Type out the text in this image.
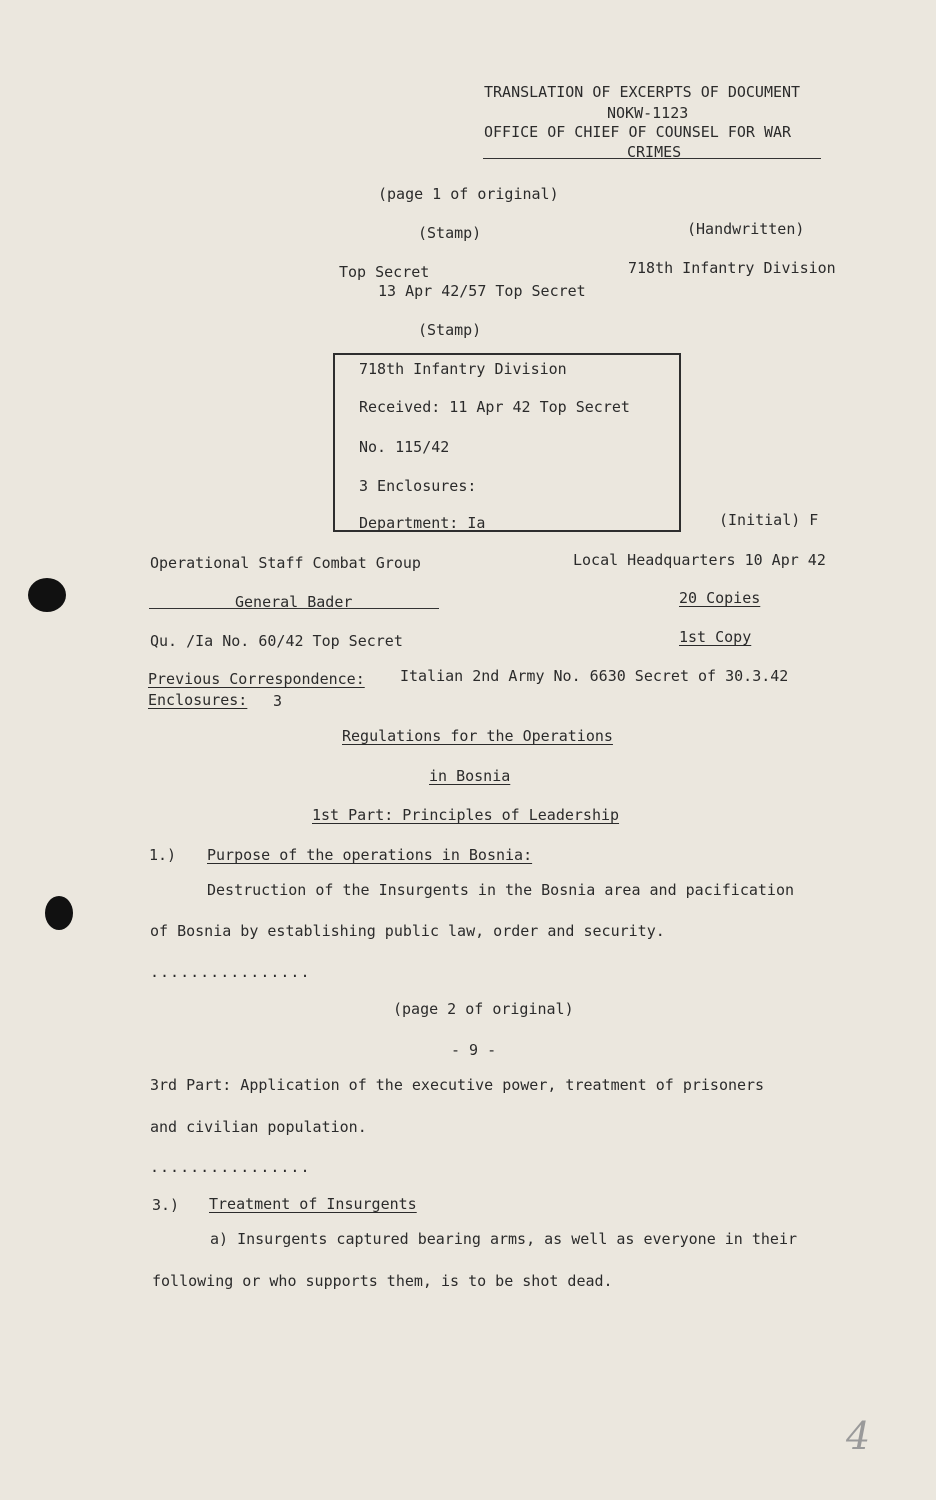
TRANSLATION OF EXCERPTS OF DOCUMENT
NOKW-1123
OFFICE OF CHIEF OF COUNSEL FOR WAR
CRIMES
(page 1 of original)
(Stamp)	(Handwritten)
Top Secret	718th Infantry Division
13 Apr 42/57 Top Secret
(Stamp)
718th Infantry Division
Received: 11 Apr 42 Top Secret
No. 115/42
3 Enclosures:
Department: Ia	(Initial) F
Operational Staff Combat Group	Local Headquarters 10 Apr 42
General Bader	20 Copies
Qu. /Ia No. 60/42 Top Secret	1st Copy
Previous Correspondence: Italian 2nd Army No. 6630 Secret of 30.3.42
Enclosures: 3
Regulations for the Operations
in Bosnia
1st Part: Principles of Leadership
1.) Purpose of the operations in Bosnia:
Destruction of the Insurgents in the Bosnia area and pacification
of Bosnia by establishing public law, order and security.
................
(page 2 of original)
- 9 -
3rd Part: Application of the executive power, treatment of prisoners
and civilian population.
................
3.) Treatment of Insurgents
a) Insurgents captured bearing arms, as well as everyone in their
following or who supports them, is to be shot dead.
4
